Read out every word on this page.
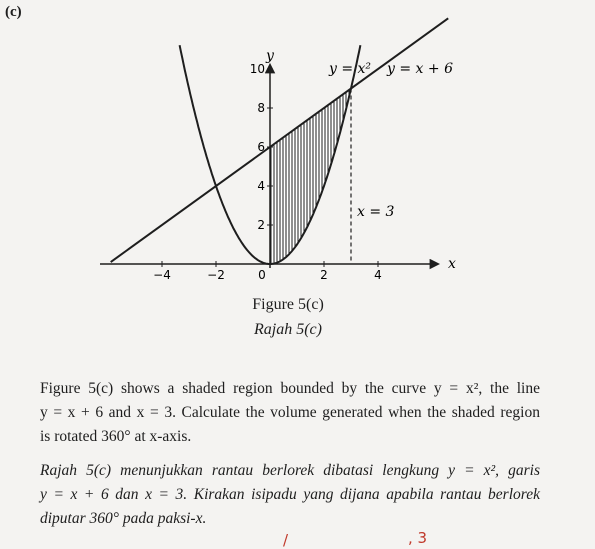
(c)
−4	−2	2	4
2
4
6
8
10
y
x
0
y = x² y = x + 6
x = 3
Figure 5(c)
Rajah 5(c)
Figure 5(c) shows a shaded region bounded by the curve y = x², the line
y = x + 6 and x = 3. Calculate the volume generated when the shaded region
is rotated 360° at x-axis.
Rajah 5(c) menunjukkan rantau berlorek dibatasi lengkung y = x², garis
y = x + 6 dan x = 3. Kirakan isipadu yang dijana apabila rantau berlorek
diputar 360° pada paksi-x.
/	, 3
